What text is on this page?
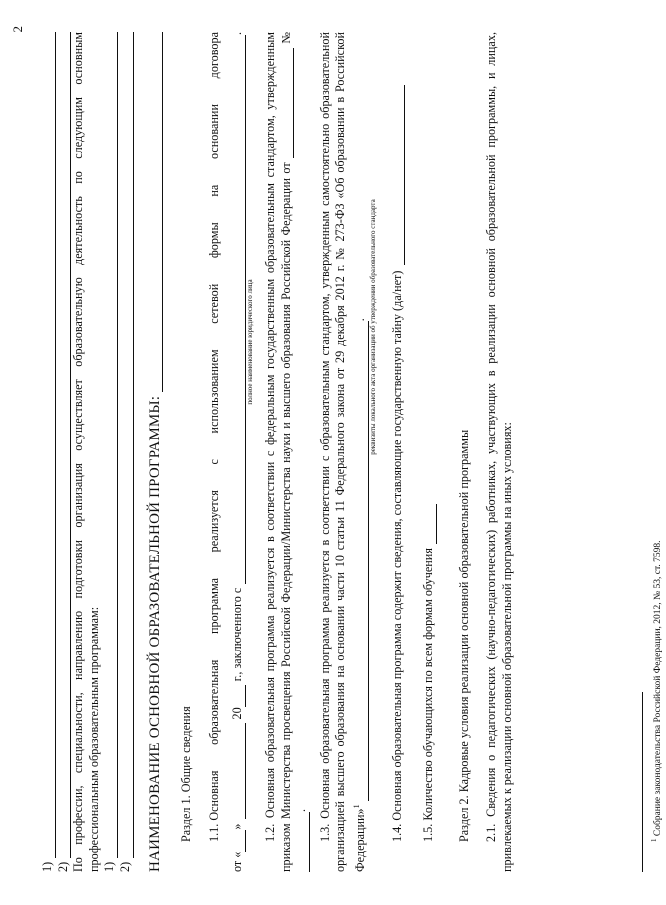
2
1) 2) По профессии, специальности, направлению подготовки организация осуществляет образовательную деятельность по следующим основным профессиональным образовательным программам: 1) 2) НАИМЕНОВАНИЕ ОСНОВНОЙ ОБРАЗОВАТЕЛЬНОЙ ПРОГРАММЫ: Раздел 1. Общие сведения 1.1. Основная
образовательная
программа
реализуется
с
использованием
сетевой
формы
на
основании
договора
от «
»
20
г., заключенного с
.
полное наименование юридического лица 1.2. Основная образовательная программа реализуется в соответствии с федеральным государственным образовательным стандартом, утвержденным приказом Министерства просвещения Российской Федерации/Министерства науки и высшего образования Российской Федерации от  № . 1.3. Основная образовательная программа реализуется в соответствии с образовательным стандартом, утвержденным самостоятельно образовательной организацией высшего образования на основании части 10 статьи 11 Федерального закона от 29 декабря 2012 г. № 273-ФЗ «Об образовании в Российской Федерации»$^1$ . реквизиты локального акта организации об утверждении образовательного стандарта 1.4. Основная образовательная программа содержит сведения, составляющие государственную тайну (да/нет) 1.5. Количество обучающихся по всем формам обучения Раздел 2. Кадровые условия реализации основной образовательной программы 2.1. Сведения о педагогических (научно-педагогических) работниках, участвующих в реализации основной образовательной программы, и лицах, привлекаемых к реализации основной образовательной программы на иных условиях:	$^1$ Собрание законодательства Российской Федерации, 2012, № 53, ст. 7598.
